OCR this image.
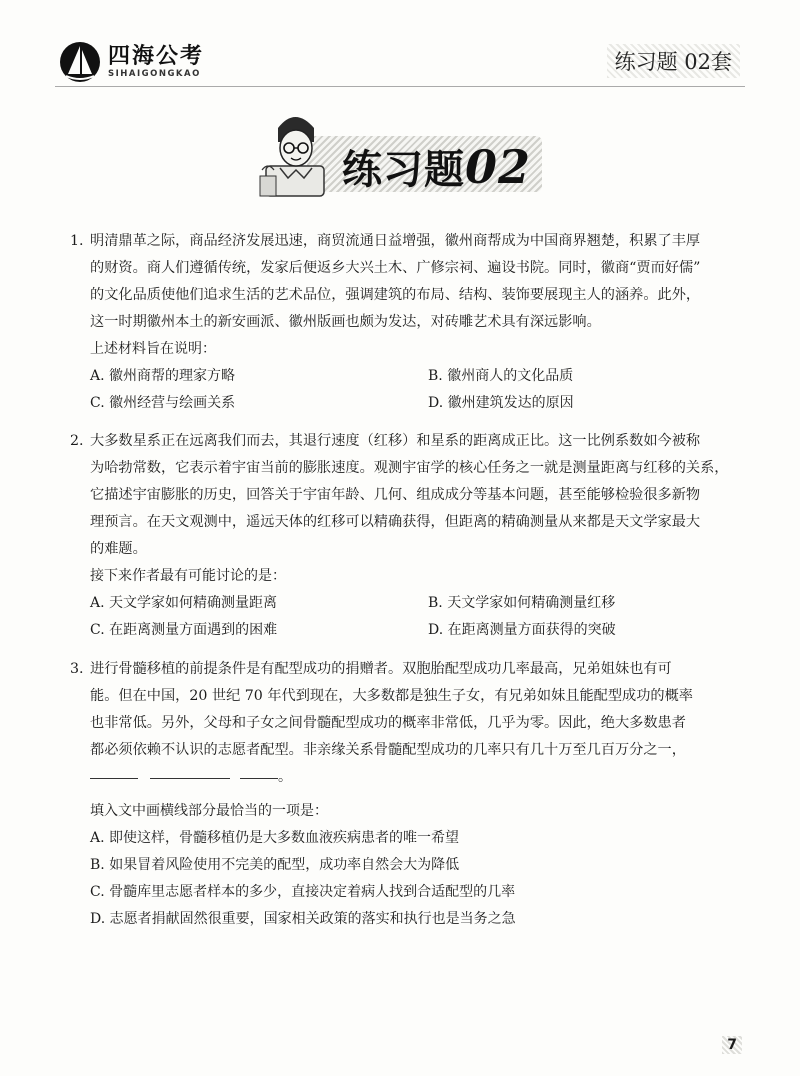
四海公考
SIHAIGONGKAO	练习题 02套
练习题02
1. 明清鼎革之际，商品经济发展迅速，商贸流通日益增强，徽州商帮成为中国商界翘楚，积累了丰厚
的财资。商人们遵循传统，发家后便返乡大兴土木、广修宗祠、遍设书院。同时，徽商“贾而好儒”
的文化品质使他们追求生活的艺术品位，强调建筑的布局、结构、装饰要展现主人的涵养。此外，
这一时期徽州本土的新安画派、徽州版画也颇为发达，对砖雕艺术具有深远影响。
上述材料旨在说明：
A. 徽州商帮的理家方略	B. 徽州商人的文化品质
C. 徽州经营与绘画关系	D. 徽州建筑发达的原因
2. 大多数星系正在远离我们而去，其退行速度（红移）和星系的距离成正比。这一比例系数如今被称
为哈勃常数，它表示着宇宙当前的膨胀速度。观测宇宙学的核心任务之一就是测量距离与红移的关系，
它描述宇宙膨胀的历史，回答关于宇宙年龄、几何、组成成分等基本问题，甚至能够检验很多新物
理预言。在天文观测中，遥远天体的红移可以精确获得，但距离的精确测量从来都是天文学家最大
的难题。
接下来作者最有可能讨论的是：
A. 天文学家如何精确测量距离	B. 天文学家如何精确测量红移
C. 在距离测量方面遇到的困难	D. 在距离测量方面获得的突破
3. 进行骨髓移植的前提条件是有配型成功的捐赠者。双胞胎配型成功几率最高，兄弟姐妹也有可
能。但在中国，20 世纪 70 年代到现在，大多数都是独生子女，有兄弟如妹且能配型成功的概率
也非常低。另外，父母和子女之间骨髓配型成功的概率非常低，几乎为零。因此，绝大多数患者
都必须依赖不认识的志愿者配型。非亲缘关系骨髓配型成功的几率只有几十万至几百万分之一，
。
填入文中画横线部分最恰当的一项是：
A. 即使这样，骨髓移植仍是大多数血液疾病患者的唯一希望
B. 如果冒着风险使用不完美的配型，成功率自然会大为降低
C. 骨髓库里志愿者样本的多少，直接决定着病人找到合适配型的几率
D. 志愿者捐献固然很重要，国家相关政策的落实和执行也是当务之急
7
